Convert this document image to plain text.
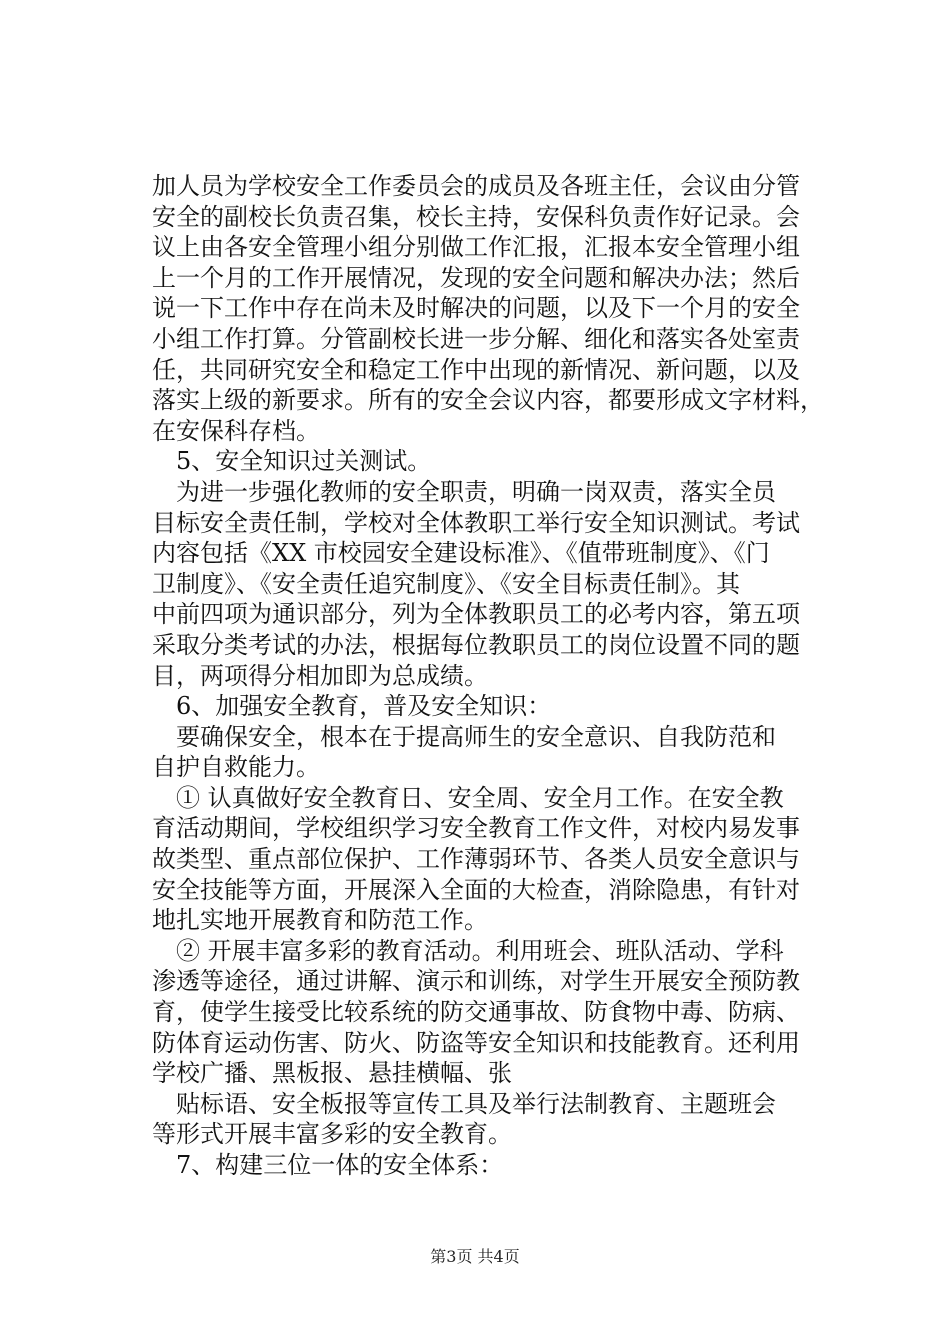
加人员为学校安全工作委员会的成员及各班主任，会议由分管
安全的副校长负责召集，校长主持，安保科负责作好记录。会
议上由各安全管理小组分别做工作汇报，汇报本安全管理小组
上一个月的工作开展情况，发现的安全问题和解决办法；然后
说一下工作中存在尚未及时解决的问题，以及下一个月的安全
小组工作打算。分管副校长进一步分解、细化和落实各处室责
任，共同研究安全和稳定工作中出现的新情况、新问题，以及
落实上级的新要求。所有的安全会议内容，都要形成文字材料，
在安保科存档。
5、安全知识过关测试。
为进一步强化教师的安全职责，明确一岗双责，落实全员
目标安全责任制，学校对全体教职工举行安全知识测试。考试
内容包括《XX 市校园安全建设标准》、《值带班制度》、《门
卫制度》、《安全责任追究制度》、《安全目标责任制》。其
中前四项为通识部分，列为全体教职员工的必考内容，第五项
采取分类考试的办法，根据每位教职员工的岗位设置不同的题
目，两项得分相加即为总成绩。
6、加强安全教育，普及安全知识：
要确保安全，根本在于提高师生的安全意识、自我防范和
自护自救能力。
① 认真做好安全教育日、安全周、安全月工作。在安全教
育活动期间，学校组织学习安全教育工作文件，对校内易发事
故类型、重点部位保护、工作薄弱环节、各类人员安全意识与
安全技能等方面，开展深入全面的大检查，消除隐患，有针对
地扎实地开展教育和防范工作。
② 开展丰富多彩的教育活动。利用班会、班队活动、学科
渗透等途径，通过讲解、演示和训练，对学生开展安全预防教
育，使学生接受比较系统的防交通事故、防食物中毒、防病、
防体育运动伤害、防火、防盗等安全知识和技能教育。还利用
学校广播、黑板报、悬挂横幅、张
贴标语、安全板报等宣传工具及举行法制教育、主题班会
等形式开展丰富多彩的安全教育。
7、构建三位一体的安全体系：
第3页 共4页
